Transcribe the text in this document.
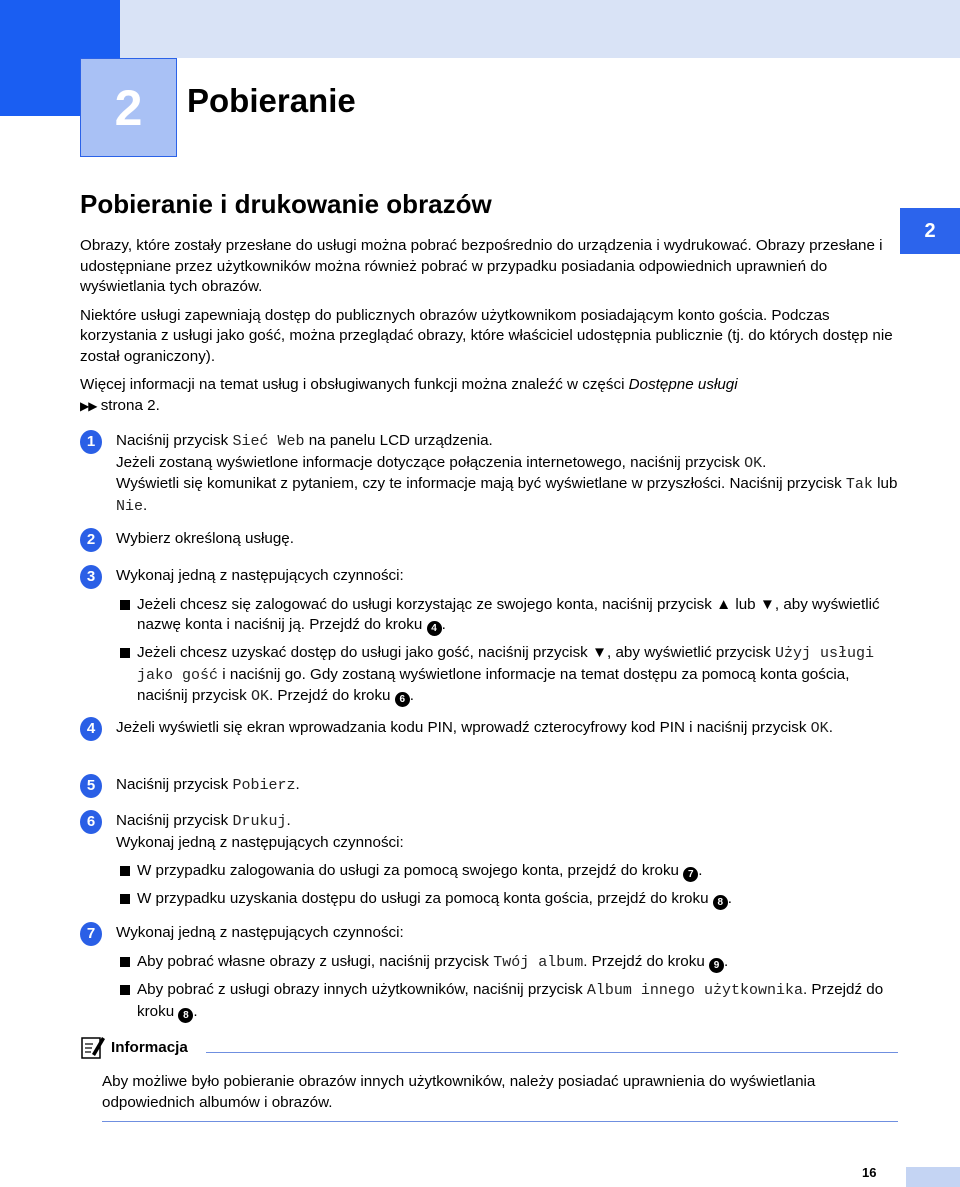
2	Pobieranie
2
Pobieranie i drukowanie obrazów

Obrazy, które zostały przesłane do usługi można pobrać bezpośrednio do urządzenia i wydrukować. Obrazy przesłane i udostępniane przez użytkowników można również pobrać w przypadku posiadania odpowiednich uprawnień do wyświetlania tych obrazów.

Niektóre usługi zapewniają dostęp do publicznych obrazów użytkownikom posiadającym konto gościa. Podczas korzystania z usługi jako gość, można przeglądać obrazy, które właściciel udostępnia publicznie (tj. do których dostęp nie został ograniczony).

Więcej informacji na temat usług i obsługiwanych funkcji można znaleźć w części Dostępne usługi
▶▶ strona 2.

1	Naciśnij przycisk Sieć Web na panelu LCD urządzenia.

Jeżeli zostaną wyświetlone informacje dotyczące połączenia internetowego, naciśnij przycisk OK.

Wyświetli się komunikat z pytaniem, czy te informacje mają być wyświetlane w przyszłości. Naciśnij przycisk Tak lub Nie.

2	Wybierz określoną usługę.

3	Wykonaj jedną z następujących czynności:

Jeżeli chcesz się zalogować do usługi korzystając ze swojego konta, naciśnij przycisk ▲ lub ▼, aby wyświetlić nazwę konta i naciśnij ją. Przejdź do kroku 4 .
Jeżeli chcesz uzyskać dostęp do usługi jako gość, naciśnij przycisk ▼, aby wyświetlić przycisk Użyj usługi jako gość i naciśnij go. Gdy zostaną wyświetlone informacje na temat dostępu za pomocą konta gościa, naciśnij przycisk OK. Przejdź do kroku 6 .
4	Jeżeli wyświetli się ekran wprowadzania kodu PIN, wprowadź czterocyfrowy kod PIN i naciśnij przycisk OK.

5	Naciśnij przycisk Pobierz.

6	Naciśnij przycisk Drukuj.

Wykonaj jedną z następujących czynności:

W przypadku zalogowania do usługi za pomocą swojego konta, przejdź do kroku 7 .
W przypadku uzyskania dostępu do usługi za pomocą konta gościa, przejdź do kroku 8 .
7	Wykonaj jedną z następujących czynności:

Aby pobrać własne obrazy z usługi, naciśnij przycisk Twój album. Przejdź do kroku 9 .
Aby pobrać z usługi obrazy innych użytkowników, naciśnij przycisk Album innego użytkownika. Przejdź do kroku 8 .
Informacja

Aby możliwe było pobieranie obrazów innych użytkowników, należy posiadać uprawnienia do wyświetlania odpowiednich albumów i obrazów.

16
